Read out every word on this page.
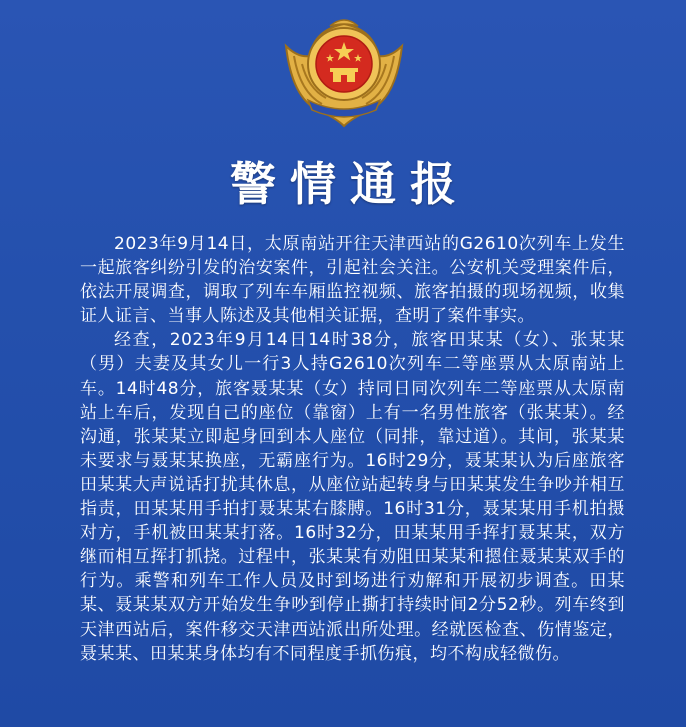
警情通报

2023年9月14日，太原南站开往天津西站的G2610次列车上发生一起旅客纠纷引发的治安案件，引起社会关注。公安机关受理案件后，依法开展调查，调取了列车车厢监控视频、旅客拍摄的现场视频，收集证人证言、当事人陈述及其他相关证据，查明了案件事实。

经查，2023年9月14日14时38分，旅客田某某（女）、张某某（男）夫妻及其女儿一行3人持G2610次列车二等座票从太原南站上车。14时48分，旅客聂某某（女）持同日同次列车二等座票从太原南站上车后，发现自己的座位（靠窗）上有一名男性旅客（张某某）。经沟通，张某某立即起身回到本人座位（同排，靠过道）。其间，张某某未要求与聂某某换座，无霸座行为。16时29分，聂某某认为后座旅客田某某大声说话打扰其休息，从座位站起转身与田某某发生争吵并相互指责，田某某用手拍打聂某某右膝膊。16时31分，聂某某用手机拍摄对方，手机被田某某打落。16时32分，田某某用手挥打聂某某，双方继而相互挥打抓挠。过程中，张某某有劝阻田某某和摁住聂某某双手的行为。乘警和列车工作人员及时到场进行劝解和开展初步调查。田某某、聂某某双方开始发生争吵到停止撕打持续时间2分52秒。列车终到天津西站后，案件移交天津西站派出所处理。经就医检查、伤情鉴定，聂某某、田某某身体均有不同程度手抓伤痕，均不构成轻微伤。
